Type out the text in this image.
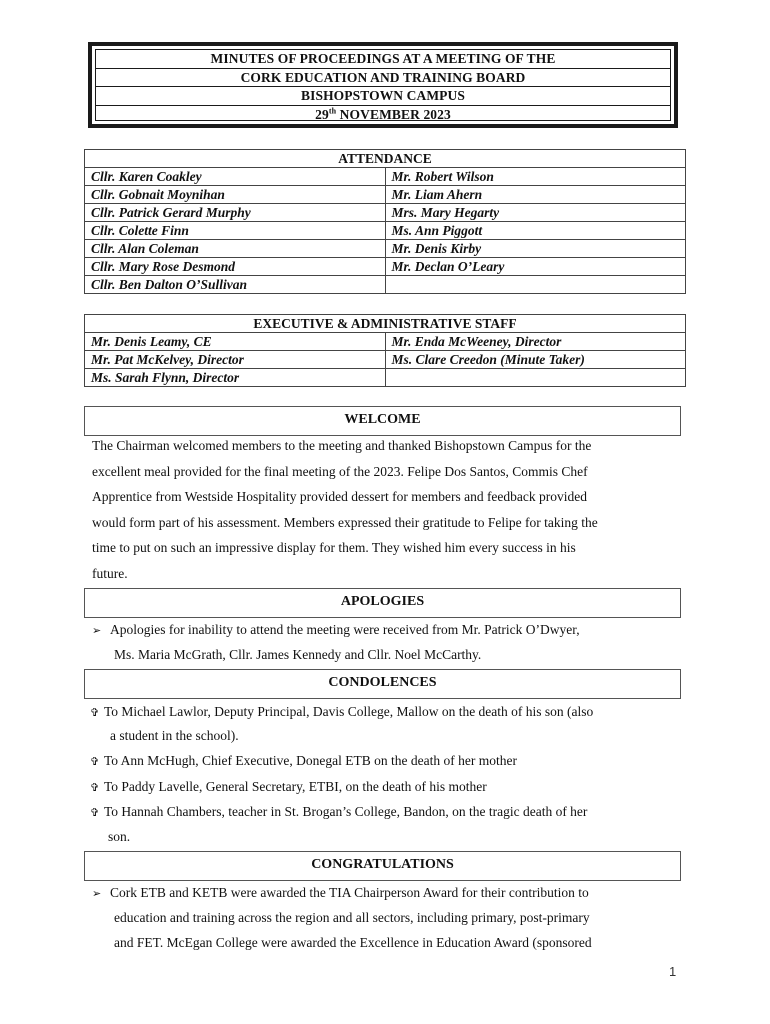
MINUTES OF PROCEEDINGS AT A MEETING OF THE
CORK EDUCATION AND TRAINING BOARD
BISHOPSTOWN CAMPUS
29th NOVEMBER 2023
ATTENDANCE	
Cllr. Karen Coakley	Mr. Robert Wilson
Cllr. Gobnait Moynihan	Mr. Liam Ahern
Cllr. Patrick Gerard Murphy	Mrs. Mary Hegarty
Cllr. Colette Finn	Ms. Ann Piggott
Cllr. Alan Coleman	Mr. Denis Kirby
Cllr. Mary Rose Desmond	Mr. Declan O’Leary
Cllr. Ben Dalton O’Sullivan	
EXECUTIVE & ADMINISTRATIVE STAFF	
Mr. Denis Leamy, CE	Mr. Enda McWeeney, Director
Mr. Pat McKelvey, Director	Ms. Clare Creedon (Minute Taker)
Ms. Sarah Flynn, Director	
WELCOME
The Chairman welcomed members to the meeting and thanked Bishopstown Campus for the
excellent meal provided for the final meeting of the 2023. Felipe Dos Santos, Commis Chef
Apprentice from Westside Hospitality provided dessert for members and feedback provided
would form part of his assessment. Members expressed their gratitude to Felipe for taking the
time to put on such an impressive display for them. They wished him every success in his
future.
APOLOGIES
➢ Apologies for inability to attend the meeting were received from Mr. Patrick O’Dwyer,
Ms. Maria McGrath, Cllr. James Kennedy and Cllr. Noel McCarthy.
CONDOLENCES
✞ To Michael Lawlor, Deputy Principal, Davis College, Mallow on the death of his son (also
a student in the school).
✞ To Ann McHugh, Chief Executive, Donegal ETB on the death of her mother
✞ To Paddy Lavelle, General Secretary, ETBI, on the death of his mother
✞ To Hannah Chambers, teacher in St. Brogan’s College, Bandon, on the tragic death of her
son.
CONGRATULATIONS
➢ Cork ETB and KETB were awarded the TIA Chairperson Award for their contribution to
education and training across the region and all sectors, including primary, post-primary
and FET. McEgan College were awarded the Excellence in Education Award (sponsored
1
